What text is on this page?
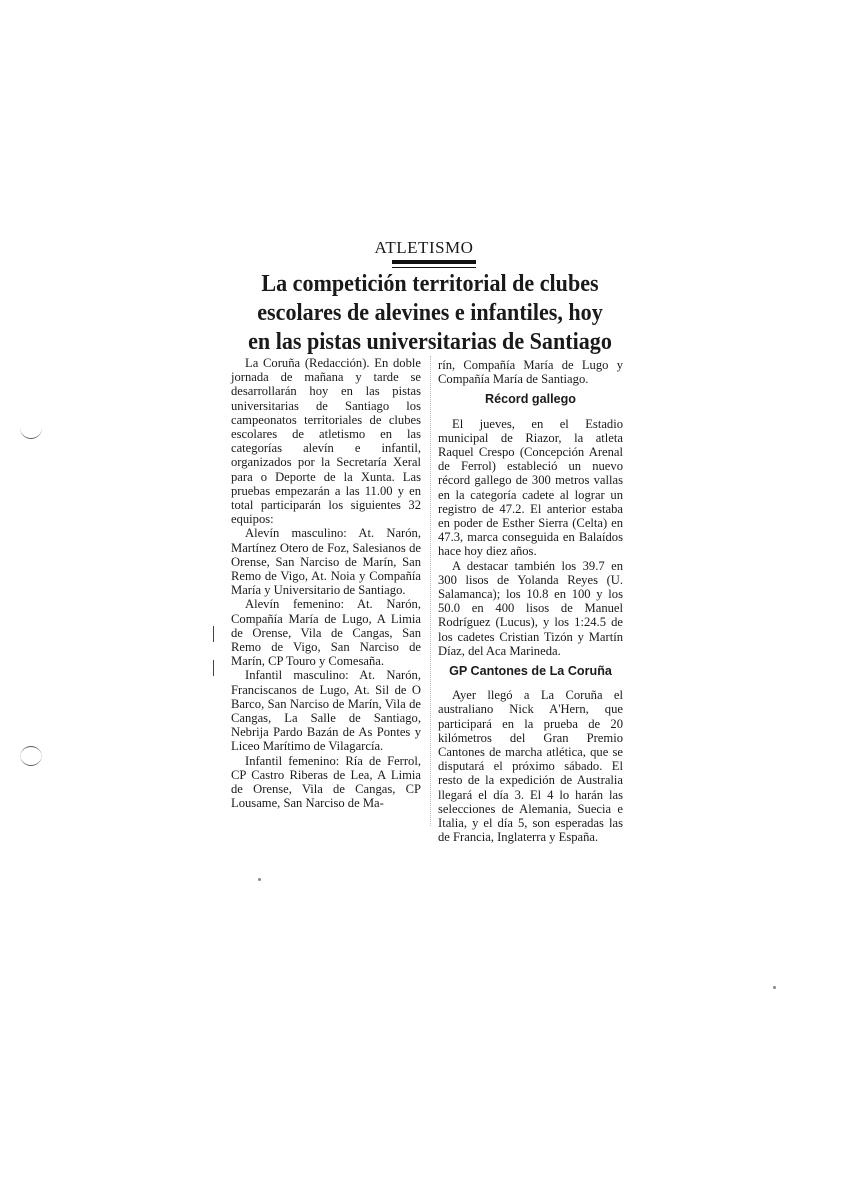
ATLETISMO
La competición territorial de clubes escolares de alevines e infantiles, hoy en las pistas universitarias de Santiago

La Coruña (Redacción). En doble jornada de mañana y tarde se desarrollarán hoy en las pistas universitarias de Santiago los campeonatos territoriales de clubes escolares de atletismo en las categorías alevín e infantil, organizados por la Secretaría Xeral para o Deporte de la Xunta. Las pruebas empezarán a las 11.00 y en total participarán los siguientes 32 equipos:

Alevín masculino: At. Narón, Martínez Otero de Foz, Salesianos de Orense, San Narciso de Marín, San Remo de Vigo, At. Noia y Compañía María y Universitario de Santiago.

Alevín femenino: At. Narón, Compañía María de Lugo, A Limia de Orense, Vila de Cangas, San Remo de Vigo, San Narciso de Marín, CP Touro y Comesaña.

Infantil masculino: At. Narón, Franciscanos de Lugo, At. Sil de O Barco, San Narciso de Marín, Vila de Cangas, La Salle de Santiago, Nebrija Pardo Bazán de As Pontes y Liceo Marítimo de Vilagarcía.

Infantil femenino: Ría de Ferrol, CP Castro Riberas de Lea, A Limia de Orense, Vila de Cangas, CP Lousame, San Narciso de Ma-

rín, Compañía María de Lugo y Compañía María de Santiago.

Récord gallego

El jueves, en el Estadio municipal de Riazor, la atleta Raquel Crespo (Concepción Arenal de Ferrol) estableció un nuevo récord gallego de 300 metros vallas en la categoría cadete al lograr un registro de 47.2. El anterior estaba en poder de Esther Sierra (Celta) en 47.3, marca conseguida en Balaídos hace hoy diez años.

A destacar también los 39.7 en 300 lisos de Yolanda Reyes (U. Salamanca); los 10.8 en 100 y los 50.0 en 400 lisos de Manuel Rodríguez (Lucus), y los 1:24.5 de los cadetes Cristian Tizón y Martín Díaz, del Aca Marineda.

GP Cantones de La Coruña

Ayer llegó a La Coruña el australiano Nick A'Hern, que participará en la prueba de 20 kilómetros del Gran Premio Cantones de marcha atlética, que se disputará el próximo sábado. El resto de la expedición de Australia llegará el día 3. El 4 lo harán las selecciones de Alemania, Suecia e Italia, y el día 5, son esperadas las de Francia, Inglaterra y España.
